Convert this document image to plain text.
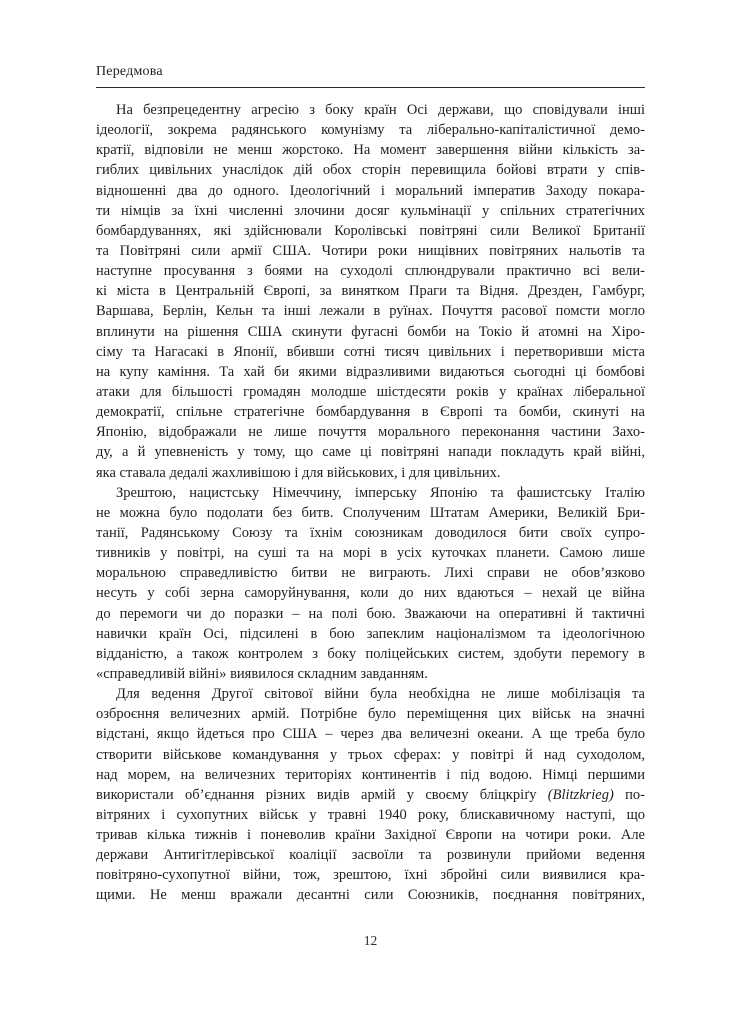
Передмова
На безпрецедентну агресію з боку країн Осі держави, що сповідували інші
ідеології, зокрема радянського комунізму та ліберально-капіталістичної демо-
кратії, відповіли не менш жорстоко. На момент завершення війни кількість за-
гиблих цивільних унаслідок дій обох сторін перевищила бойові втрати у спів-
відношенні два до одного. Ідеологічний і моральний імператив Заходу покара-
ти німців за їхні численні злочини досяг кульмінації у спільних стратегічних
бомбардуваннях, які здійснювали Королівські повітряні сили Великої Британії
та Повітряні сили армії США. Чотири роки нищівних повітряних нальотів та
наступне просування з боями на суходолі сплюндрували практично всі вели-
кі міста в Центральній Європі, за винятком Праги та Відня. Дрезден, Гамбург,
Варшава, Берлін, Кельн та інші лежали в руїнах. Почуття расової помсти могло
вплинути на рішення США скинути фугасні бомби на Токіо й атомні на Хіро-
сіму та Нагасакі в Японії, вбивши сотні тисяч цивільних і перетворивши міста
на купу каміння. Та хай би якими відразливими видаються сьогодні ці бомбові
атаки для більшості громадян молодше шістдесяти років у країнах ліберальної
демократії, спільне стратегічне бомбардування в Європі та бомби, скинуті на
Японію, відображали не лише почуття морального переконання частини Захо-
ду, а й упевненість у тому, що саме ці повітряні напади покладуть край війні,
яка ставала дедалі жахливішою і для військових, і для цивільних.
Зрештою, нацистську Німеччину, імперську Японію та фашистську Італію
не можна було подолати без битв. Сполученим Штатам Америки, Великій Бри-
танії, Радянському Союзу та їхнім союзникам доводилося бити своїх супро-
тивників у повітрі, на суші та на морі в усіх куточках планети. Самою лише
моральною справедливістю битви не виграють. Лихі справи не обов’язково
несуть у собі зерна саморуйнування, коли до них вдаються – нехай це війна
до перемоги чи до поразки – на полі бою. Зважаючи на оперативні й тактичні
навички країн Осі, підсилені в бою запеклим націоналізмом та ідеологічною
відданістю, а також контролем з боку поліцейських систем, здобути перемогу в
«справедливій війні» виявилося складним завданням.
Для ведення Другої світової війни була необхідна не лише мобілізація та
озброєння величезних армій. Потрібне було переміщення цих військ на значні
відстані, якщо йдеться про США – через два величезні океани. А ще треба було
створити військове командування у трьох сферах: у повітрі й над суходолом,
над морем, на величезних територіях континентів і під водою. Німці першими
використали об’єднання різних видів армій у своєму бліцкріґу (Blitzkrieg) по-
вітряних і сухопутних військ у травні 1940 року, блискавичному наступі, що
тривав кілька тижнів і поневолив країни Західної Європи на чотири роки. Але
держави Антигітлерівської коаліції засвоїли та розвинули прийоми ведення
повітряно-сухопутної війни, тож, зрештою, їхні збройні сили виявилися кра-
щими. Не менш вражали десантні сили Союзників, поєднання повітряних,
12
